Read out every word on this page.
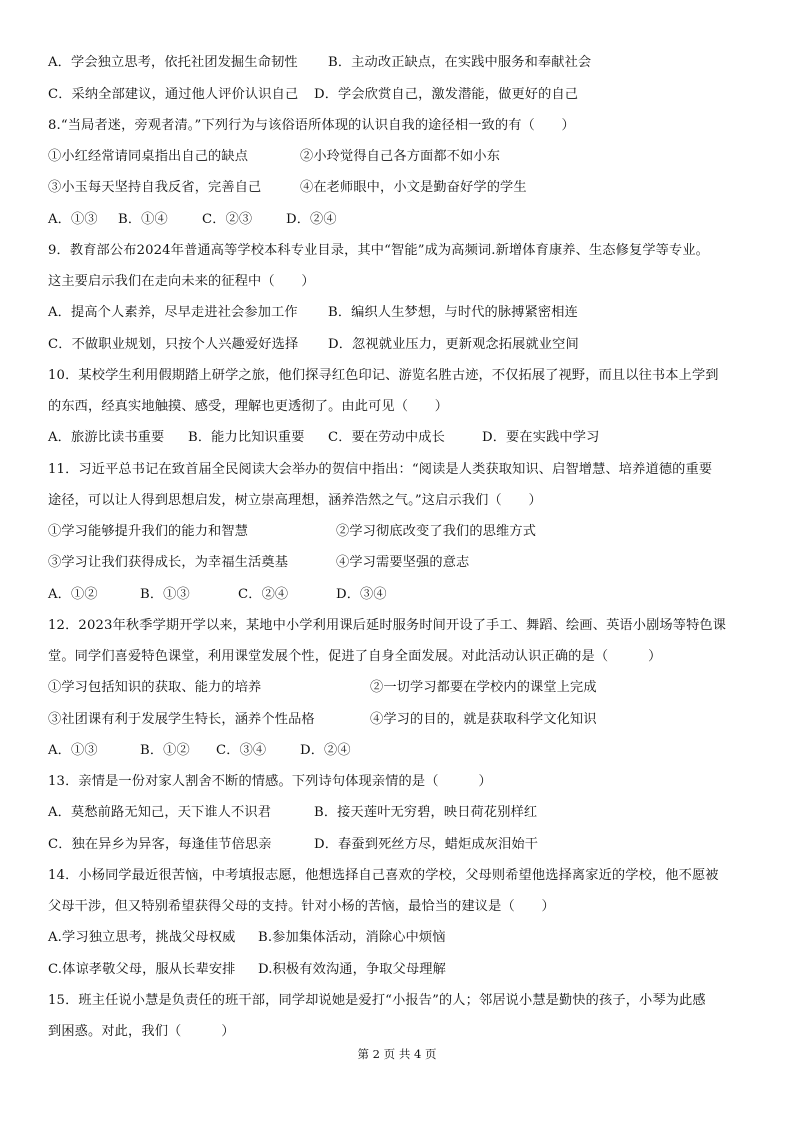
A．学会独立思考，依托社团发掘生命韧性 B．主动改正缺点，在实践中服务和奉献社会
C．采纳全部建议，通过他人评价认识自己 D．学会欣赏自己，激发潜能，做更好的自己
8.“当局者迷，旁观者清。”下列行为与该俗语所体现的认识自我的途径相一致的有（　　）
①小红经常请同桌指出自己的缺点	②小玲觉得自己各方面都不如小东
③小玉每天坚持自我反省，完善自己	④在老师眼中，小文是勤奋好学的学生
A．①③ B．①④	C．②③	D．②④
9．教育部公布2024年普通高等学校本科专业目录，其中“智能”成为高频词.新增体育康养、生态修复学等专业。
这主要启示我们在走向未来的征程中（　　）
A．提高个人素养，尽早走进社会参加工作 B．编织人生梦想，与时代的脉搏紧密相连
C．不做职业规划，只按个人兴趣爱好选择 D．忽视就业压力，更新观念拓展就业空间
10．某校学生利用假期踏上研学之旅，他们探寻红色印记、游览名胜古迹，不仅拓展了视野，而且以往书本上学到
的东西，经真实地触摸、感受，理解也更透彻了。由此可见（　　）
A．旅游比读书重要 B．能力比知识重要 C．要在劳动中成长	D．要在实践中学习
11．习近平总书记在致首届全民阅读大会举办的贺信中指出：“阅读是人类获取知识、启智增慧、培养道德的重要
途径，可以让人得到思想启发，树立崇高理想，涵养浩然之气。”这启示我们（　　）
①学习能够提升我们的能力和智慧	②学习彻底改变了我们的思维方式
③学习让我们获得成长，为幸福生活奠基	④学习需要坚强的意志
A．①②	B．①③	C．②④	D．③④
12．2023年秋季学期开学以来，某地中小学利用课后延时服务时间开设了手工、舞蹈、绘画、英语小剧场等特色课
堂。同学们喜爱特色课堂，利用课堂发展个性，促进了自身全面发展。对此活动认识正确的是（　　　）
①学习包括知识的获取、能力的培养	②一切学习都要在学校内的课堂上完成
③社团课有利于发展学生特长，涵养个性品格	④学习的目的，就是获取科学文化知识
A．①③	B．①② C．③④	D．②④
13．亲情是一份对家人割舍不断的情感。下列诗句体现亲情的是（　　　）
A．莫愁前路无知己，天下谁人不识君	B．接天莲叶无穷碧，映日荷花别样红
C．独在异乡为异客，每逢佳节倍思亲	D．春蚕到死丝方尽，蜡炬成灰泪始干
14．小杨同学最近很苦恼，中考填报志愿，他想选择自己喜欢的学校，父母则希望他选择离家近的学校，他不愿被
父母干涉，但又特别希望获得父母的支持。针对小杨的苦恼，最恰当的建议是（　　）
A.学习独立思考，挑战父母权威 B.参加集体活动，消除心中烦恼
C.体谅孝敬父母，服从长辈安排 D.积极有效沟通，争取父母理解
15．班主任说小慧是负责任的班干部，同学却说她是爱打“小报告”的人；邻居说小慧是勤快的孩子，小琴为此感
到困惑。对此，我们（　　　）
第 2 页 共 4 页
